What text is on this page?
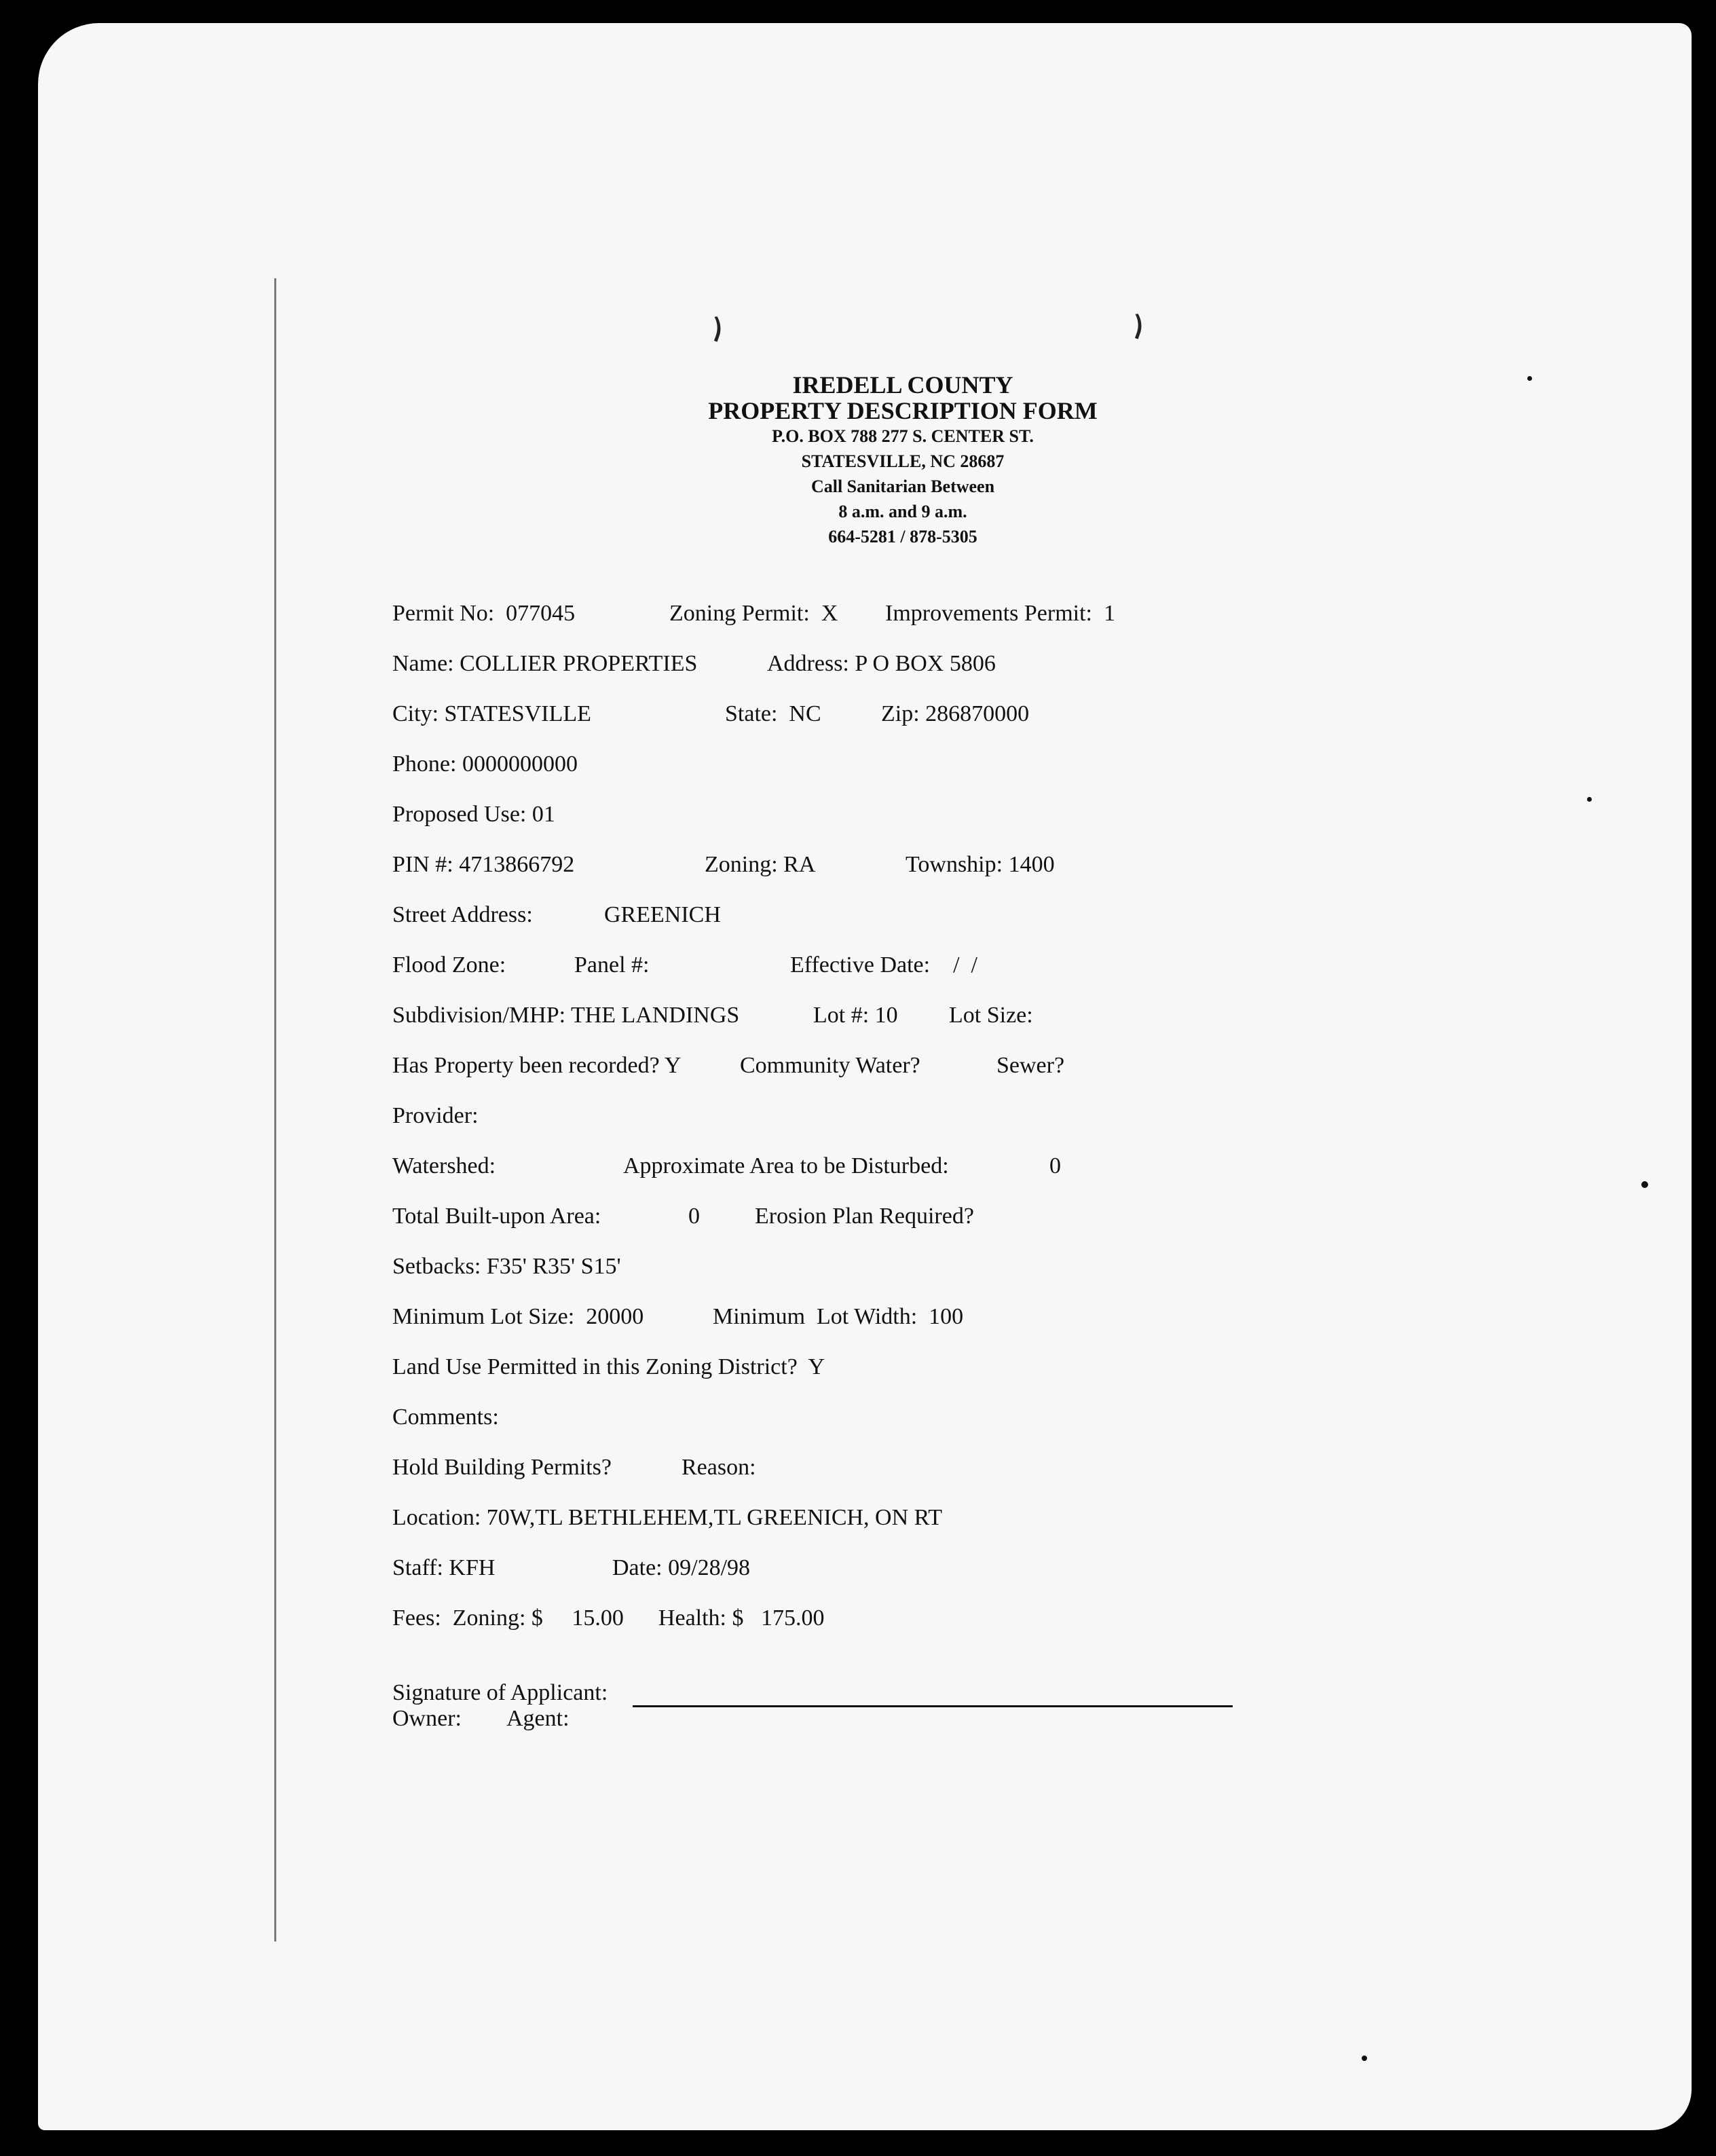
IREDELL COUNTY
PROPERTY DESCRIPTION FORM
P.O. BOX 788 277 S. CENTER ST.
STATESVILLE, NC 28687
Call Sanitarian Between
8 a.m. and 9 a.m.
664-5281 / 878-5305
Permit No:  077045	Zoning Permit:  X Improvements Permit:  1
Name: COLLIER PROPERTIES	Address: P O BOX 5806
City: STATESVILLE	State:  NC	Zip: 286870000
Phone: 0000000000
Proposed Use: 01
PIN #: 4713866792	Zoning: RA	Township: 1400
Street Address:	GREENICH
Flood Zone:	Panel #:	Effective Date:    /  /
Subdivision/MHP: THE LANDINGS	Lot #: 10 Lot Size:
Has Property been recorded? Y	Community Water?	Sewer?
Provider:
Watershed:	Approximate Area to be Disturbed:	0
Total Built-upon Area:	0 Erosion Plan Required?
Setbacks: F35' R35' S15'
Minimum Lot Size:  20000	Minimum  Lot Width:  100
Land Use Permitted in this Zoning District?  Y
Comments:
Hold Building Permits?	Reason:
Location: 70W,TL BETHLEHEM,TL GREENICH, ON RT
Staff: KFH	Date: 09/28/98
Fees:  Zoning: $     15.00      Health: $   175.00
Signature of Applicant:
Owner: Agent:
